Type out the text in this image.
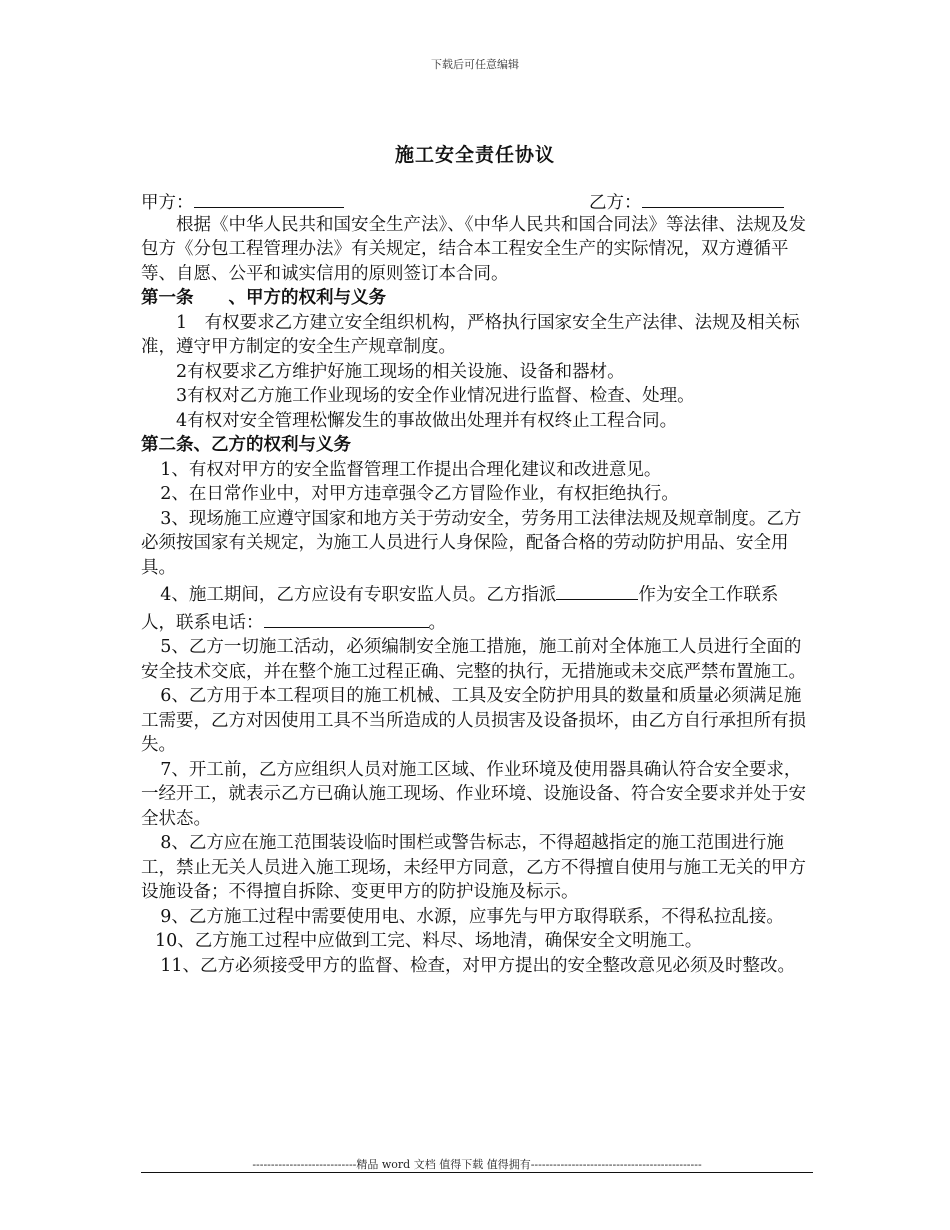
下载后可任意编辑
施工安全责任协议
甲方：	乙方：

根据《中华人民共和国安全生产法》、《中华人民共和国合同法》等法律、法规及发包方《分包工程管理办法》有关规定，结合本工程安全生产的实际情况，双方遵循平等、自愿、公平和诚实信用的原则签订本合同。

第一条　　、甲方的权利与义务

1　有权要求乙方建立安全组织机构，严格执行国家安全生产法律、法规及相关标准，遵守甲方制定的安全生产规章制度。

2有权要求乙方维护好施工现场的相关设施、设备和器材。

3有权对乙方施工作业现场的安全作业情况进行监督、检查、处理。

4有权对安全管理松懈发生的事故做出处理并有权终止工程合同。

第二条、乙方的权利与义务

1、有权对甲方的安全监督管理工作提出合理化建议和改进意见。

2、在日常作业中，对甲方违章强令乙方冒险作业，有权拒绝执行。

3、现场施工应遵守国家和地方关于劳动安全，劳务用工法律法规及规章制度。乙方必须按国家有关规定，为施工人员进行人身保险，配备合格的劳动防护用品、安全用具。

4、施工期间，乙方应设有专职安监人员。乙方指派	作为安全工作联系人，联系电话：	。

5、乙方一切施工活动，必须编制安全施工措施，施工前对全体施工人员进行全面的安全技术交底，并在整个施工过程正确、完整的执行，无措施或未交底严禁布置施工。

6、乙方用于本工程项目的施工机械、工具及安全防护用具的数量和质量必须满足施工需要，乙方对因使用工具不当所造成的人员损害及设备损坏，由乙方自行承担所有损失。

7、开工前，乙方应组织人员对施工区域、作业环境及使用器具确认符合安全要求，一经开工，就表示乙方已确认施工现场、作业环境、设施设备、符合安全要求并处于安全状态。

8、乙方应在施工范围装设临时围栏或警告标志，不得超越指定的施工范围进行施工，禁止无关人员进入施工现场，未经甲方同意，乙方不得擅自使用与施工无关的甲方设施设备；不得擅自拆除、变更甲方的防护设施及标示。

9、乙方施工过程中需要使用电、水源，应事先与甲方取得联系，不得私拉乱接。

10、乙方施工过程中应做到工完、料尽、场地清，确保安全文明施工。

11、乙方必须接受甲方的监督、检查，对甲方提出的安全整改意见必须及时整改。

----------------------------精品 word 文档 值得下载 值得拥有----------------------------------------------
